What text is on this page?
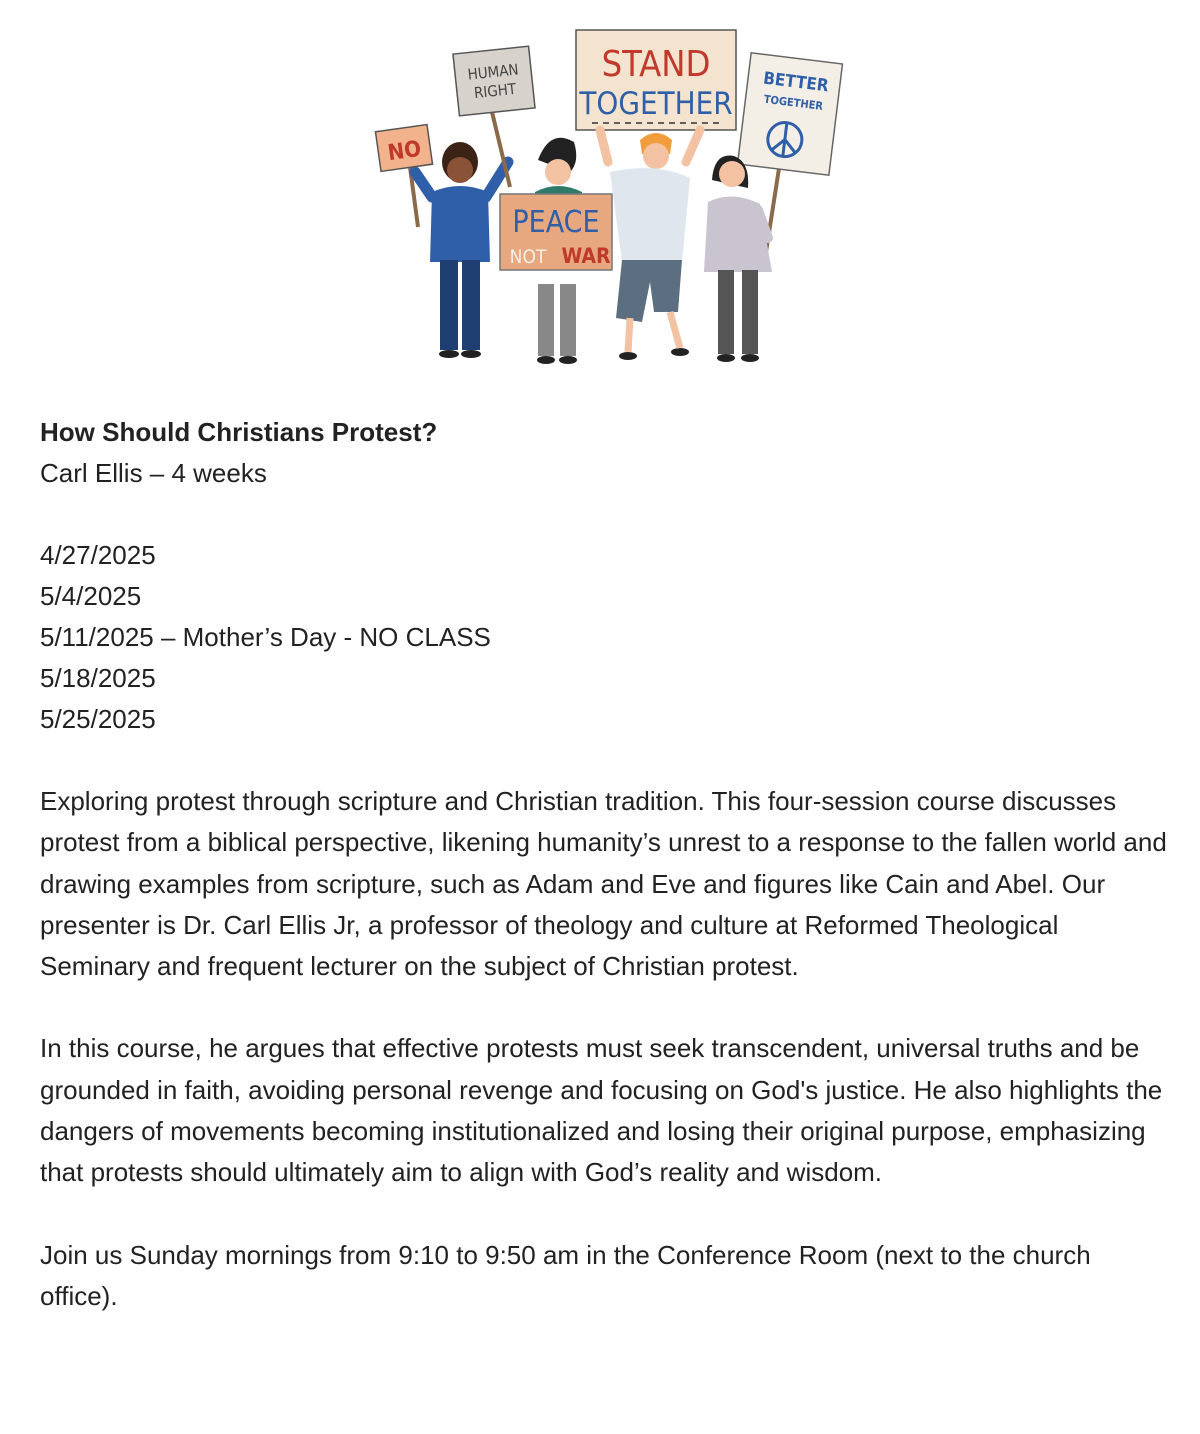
NO
HUMAN
RIGHT
PEACE
NOT WAR
STAND
TOGETHER
BETTER
TOGETHER

How Should Christians Protest?

Carl Ellis – 4 weeks

4/27/2025
5/4/2025
5/11/2025 – Mother’s Day - NO CLASS
5/18/2025
5/25/2025

Exploring protest through scripture and Christian tradition. This four-session course discusses protest from a biblical perspective, likening humanity’s unrest to a response to the fallen world and drawing examples from scripture, such as Adam and Eve and figures like Cain and Abel. Our presenter is Dr. Carl Ellis Jr, a professor of theology and culture at Reformed Theological Seminary and frequent lecturer on the subject of Christian protest.

In this course, he argues that effective protests must seek transcendent, universal truths and be grounded in faith, avoiding personal revenge and focusing on God's justice. He also highlights the dangers of movements becoming institutionalized and losing their original purpose, emphasizing that protests should ultimately aim to align with God’s reality and wisdom.

Join us Sunday mornings from 9:10 to 9:50 am in the Conference Room (next to the church office).
